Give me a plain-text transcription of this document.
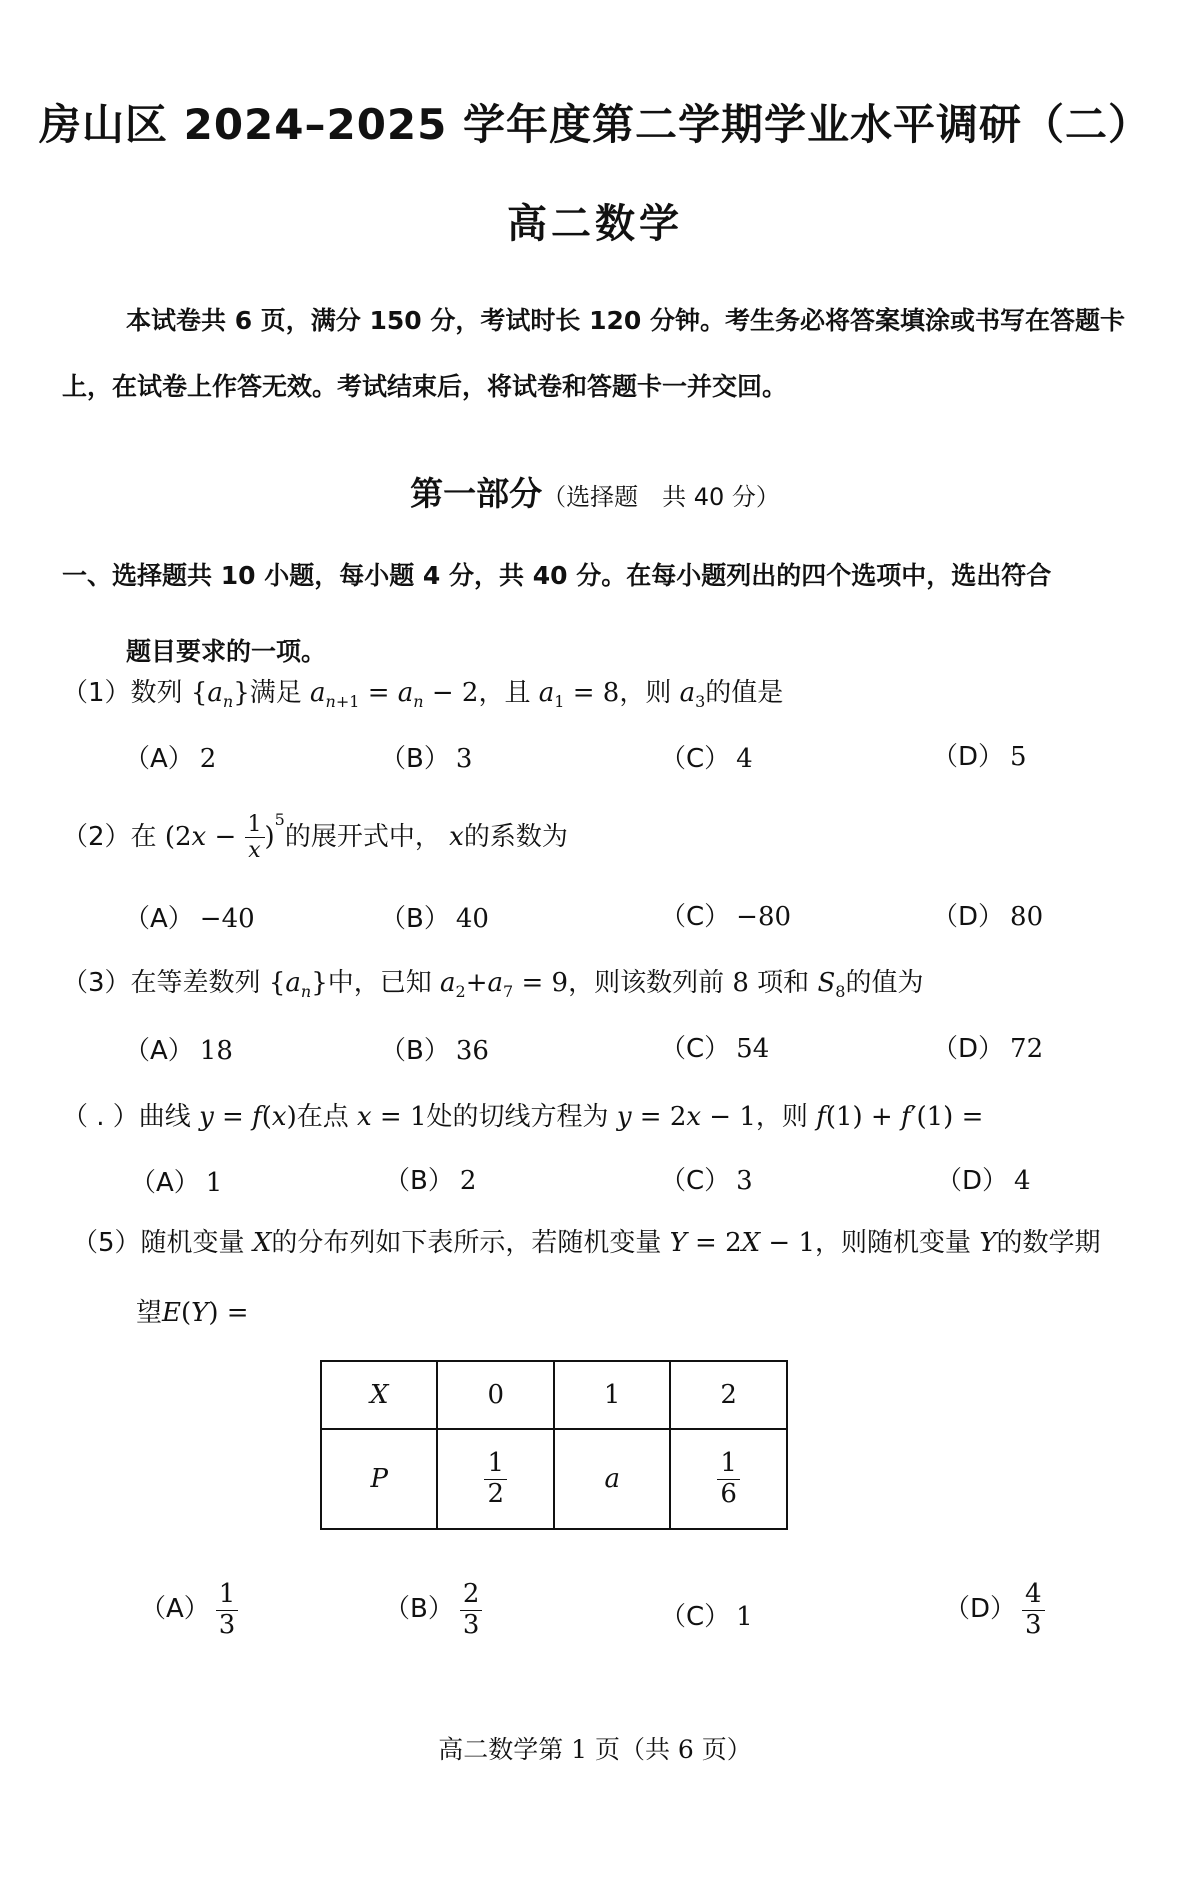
房山区 2024–2025 学年度第二学期学业水平调研（二）
高二数学

本试卷共 6 页，满分 150 分，考试时长 120 分钟。考生务必将答案填涂或书写在答题卡上，在试卷上作答无效。考试结束后，将试卷和答题卡一并交回。

第一部分（选择题　共 40 分）

一、选择题共 10 小题，每小题 4 分，共 40 分。在每小题列出的四个选项中，选出符合
题目要求的一项。

（1）数列 $\{a_n\}$满足 $a_{n+1} = a_n - 2$，且 $a_1 = 8$，则 $a_3$的值是
（A） 2	（B） 3	（C） 4	（D） 5
（2）在 $(2x - \frac{1}{x} )^5$的展开式中， x的系数为
（A） −40	（B） 40	（C） −80	（D） 80
（3）在等差数列 $\{a_n\}$中，已知 $a_2+a_7 = 9$，则该数列前 8 项和 $S_8$的值为
（A） 18	（B） 36	（C） 54	（D） 72
（ . ）曲线 y = f(x)在点 x = 1处的切线方程为 y = 2x − 1，则 f(1) + f′(1) =
（A） 1	（B） 2	（C） 3	（D） 4
（5）随机变量 X的分布列如下表所示，若随机变量 Y = 2X − 1，则随机变量 Y的数学期
望E(Y) =
X	0	1	2
P	$\frac{1}{2}$	a	$\frac{1}{6}$
$(A) \frac{1}{3}$	$(B) \frac{2}{3}$	（C） 1	$(D) \frac{4}{3}$
高二数学第 1 页（共 6 页）
